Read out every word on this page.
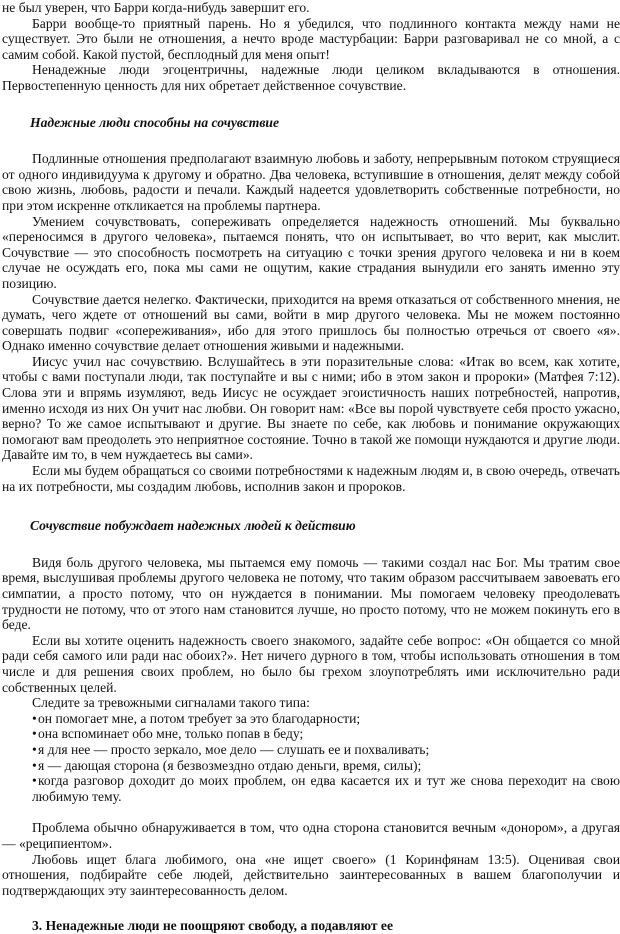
не был уверен, что Барри когда-нибудь завершит его.

Барри вообще-то приятный парень. Но я убедился, что подлинного контакта между нами не существует. Это были не отношения, а нечто вроде мастурбации: Барри разговаривал не со мной, а с самим собой. Какой пустой, бесплодный для меня опыт!

Ненадежные люди эгоцентричны, надежные люди целиком вкладываются в отношения. Первостепенную ценность для них обретает действенное сочувствие.

Надежные люди способны на сочувствие

Подлинные отношения предполагают взаимную любовь и заботу, непрерывным потоком струящиеся от одного индивидуума к другому и обратно. Два человека, вступившие в отношения, делят между собой свою жизнь, любовь, радости и печали. Каждый надеется удовлетворить собственные потребности, но при этом искренне откликается на проблемы партнера.

Умением сочувствовать, сопереживать определяется надежность отношений. Мы буквально «переносимся в другого человека», пытаемся понять, что он испытывает, во что верит, как мыслит. Сочувствие — это способность посмотреть на ситуацию с точки зрения другого человека и ни в коем случае не осуждать его, пока мы сами не ощутим, какие страдания вынудили его занять именно эту позицию.

Сочувствие дается нелегко. Фактически, приходится на время отказаться от собственного мнения, не думать, чего ждете от отношений вы сами, войти в мир другого человека. Мы не можем постоянно совершать подвиг «сопереживания», ибо для этого пришлось бы полностью отречься от своего «я». Однако именно сочувствие делает отношения живыми и надежными.

Иисус учил нас сочувствию. Вслушайтесь в эти поразительные слова: «Итак во всем, как хотите, чтобы с вами поступали люди, так поступайте и вы с ними; ибо в этом закон и пророки» (Матфея 7:12). Слова эти и впрямь изумляют, ведь Иисус не осуждает эгоистичность наших потребностей, напротив, именно исходя из них Он учит нас любви. Он говорит нам: «Все вы порой чувствуете себя просто ужасно, верно? То же самое испытывают и другие. Вы знаете по себе, как любовь и понимание окружающих помогают вам преодолеть это неприятное состояние. Точно в такой же помощи нуждаются и другие люди. Давайте им то, в чем нуждаетесь вы сами».

Если мы будем обращаться со своими потребностями к надежным людям и, в свою очередь, отвечать на их потребности, мы создадим любовь, исполнив закон и пророков.

Сочувствие побуждает надежных людей к действию

Видя боль другого человека, мы пытаемся ему помочь — такими создал нас Бог. Мы тратим свое время, выслушивая проблемы другого человека не потому, что таким образом рассчитываем завоевать его симпатии, а просто потому, что он нуждается в понимании. Мы помогаем человеку преодолевать трудности не потому, что от этого нам становится лучше, но просто потому, что не можем покинуть его в беде.

Если вы хотите оценить надежность своего знакомого, задайте себе вопрос: «Он общается со мной ради себя самого или ради нас обоих?». Нет ничего дурного в том, чтобы использовать отношения в том числе и для решения своих проблем, но было бы грехом злоупотреблять ими исключительно ради собственных целей.

Следите за тревожными сигналами такого типа:

•он помогает мне, а потом требует за это благодарности;
•она вспоминает обо мне, только попав в беду;
•я для нее — просто зеркало, мое дело — слушать ее и похваливать;
•я — дающая сторона (я безвозмездно отдаю деньги, время, силы);
•когда разговор доходит до моих проблем, он едва касается их и тут же снова переходит на свою любимую тему.

Проблема обычно обнаруживается в том, что одна сторона становится вечным «донором», а другая — «реципиентом».

Любовь ищет блага любимого, она «не ищет своего» (1 Коринфянам 13:5). Оценивая свои отношения, подбирайте себе людей, действительно заинтересованных в вашем благополучии и подтверждающих эту заинтересованность делом.

3. Ненадежные люди не поощряют свободу, а подавляют ее
